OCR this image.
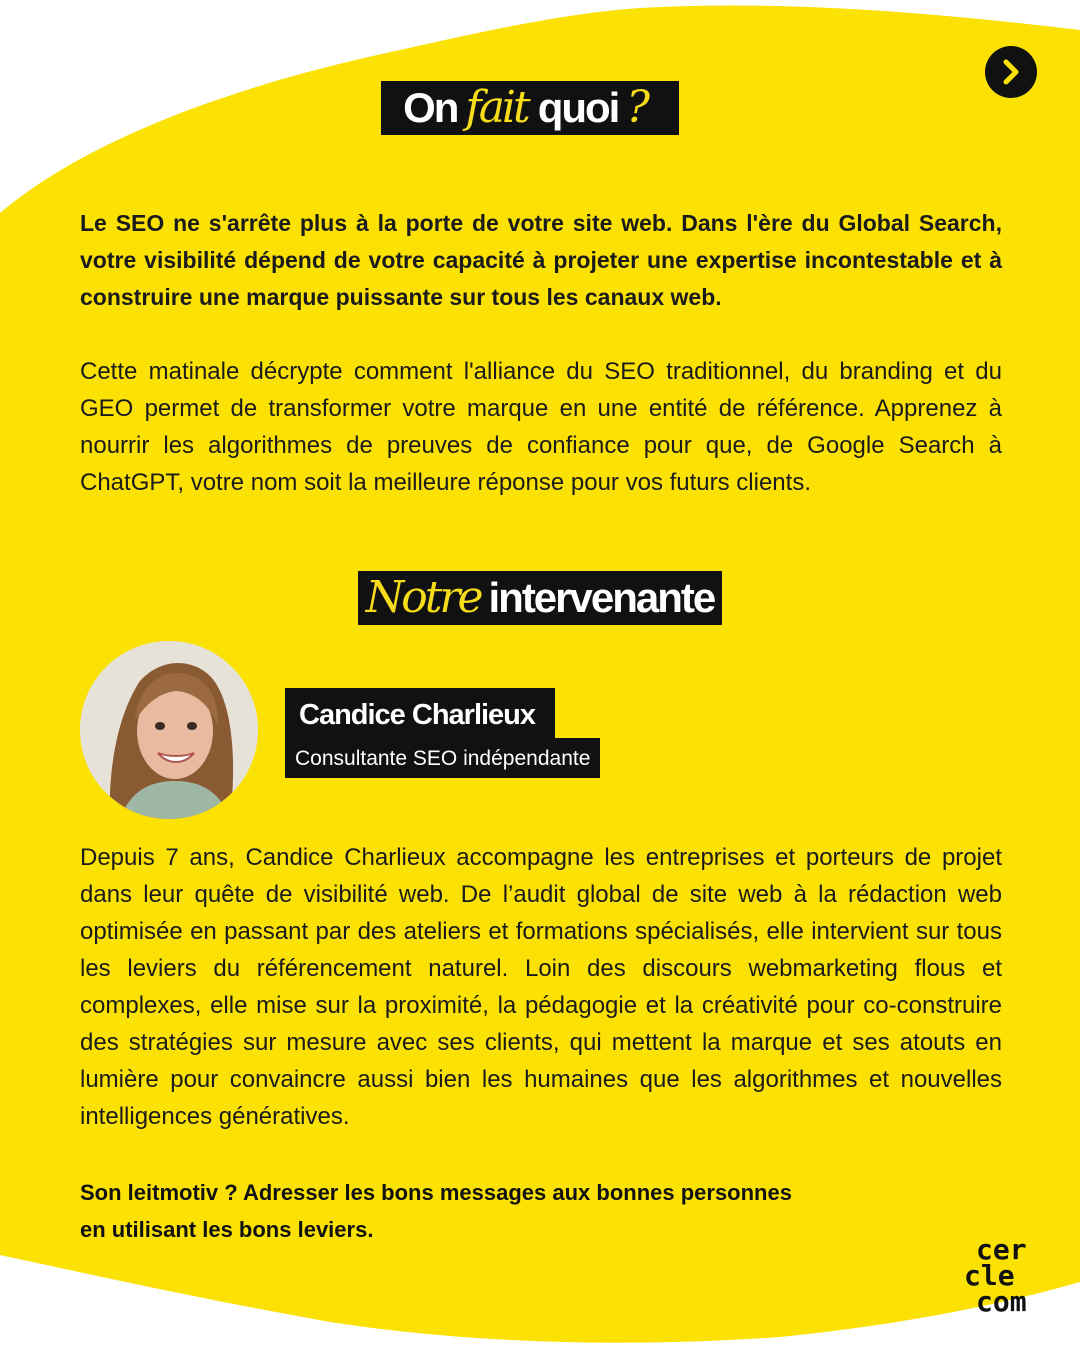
On fait quoi ?

Le SEO ne s'arrête plus à la porte de votre site web. Dans l'ère du Global Search, votre visibilité dépend de votre capacité à projeter une expertise incontestable et à construire une marque puissante sur tous les canaux web.

Cette matinale décrypte comment l'alliance du SEO traditionnel, du branding et du GEO permet de transformer votre marque en une entité de référence. Apprenez à nourrir les algorithmes de preuves de confiance pour que, de Google Search à ChatGPT, votre nom soit la meilleure réponse pour vos futurs clients.

Notre intervenante
Candice Charlieux
Consultante SEO indépendante

Depuis 7 ans, Candice Charlieux accompagne les entreprises et porteurs de projet dans leur quête de visibilité web. De l’audit global de site web à la rédaction web optimisée en passant par des ateliers et formations spécialisés, elle intervient sur tous les leviers du référencement naturel. Loin des discours webmarketing flous et complexes, elle mise sur la proximité, la pédagogie et la créativité pour co-construire des stratégies sur mesure avec ses clients, qui mettent la marque et ses atouts en lumière pour convaincre aussi bien les humaines que les algorithmes et nouvelles intelligences génératives.

Son leitmotiv ? Adresser les bons messages aux bonnes personnes
en utilisant les bons leviers.

cer
cle
com
